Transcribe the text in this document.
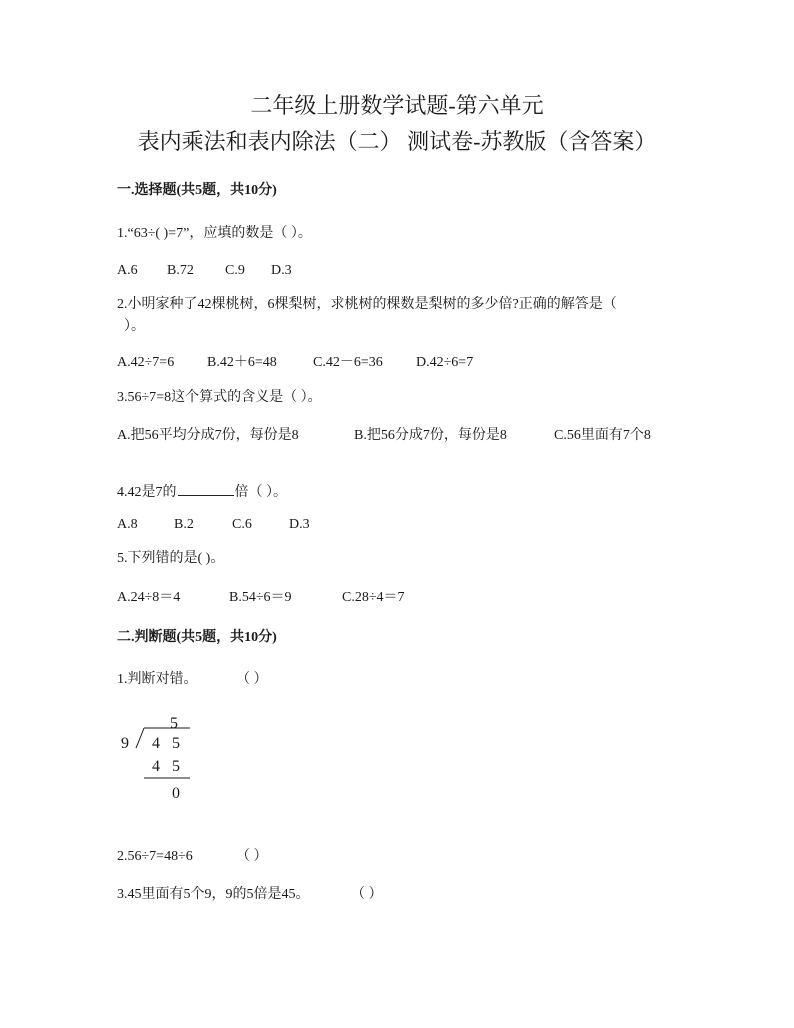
二年级上册数学试题-第六单元
表内乘法和表内除法（二） 测试卷-苏教版（含答案）
一.选择题(共5题，共10分)
1.“63÷( )=7”，应填的数是（ ）。
A.6 B.72 C.9 D.3
2.小明家种了42棵桃树，6棵梨树，求桃树的棵数是梨树的多少倍?正确的解答是（
）。
A.42÷7=6 B.42＋6=48	C.42－6=36 D.42÷6=7
3.56÷7=8这个算式的含义是（ ）。
A.把56平均分成7份，每份是8	B.把56分成7份，每份是8	C.56里面有7个8
4.42是7的	倍（ ）。
A.8	B.2	C.6	D.3
5.下列错的是( )。
A.24÷8＝4	B.54÷6＝9	C.28÷4＝7
二.判断题(共5题，共10分)
1.判断对错。	（ ）
5
9 4 5
4 5
0
2.56÷7=48÷6	（ ）
3.45里面有5个9，9的5倍是45。	（ ）
